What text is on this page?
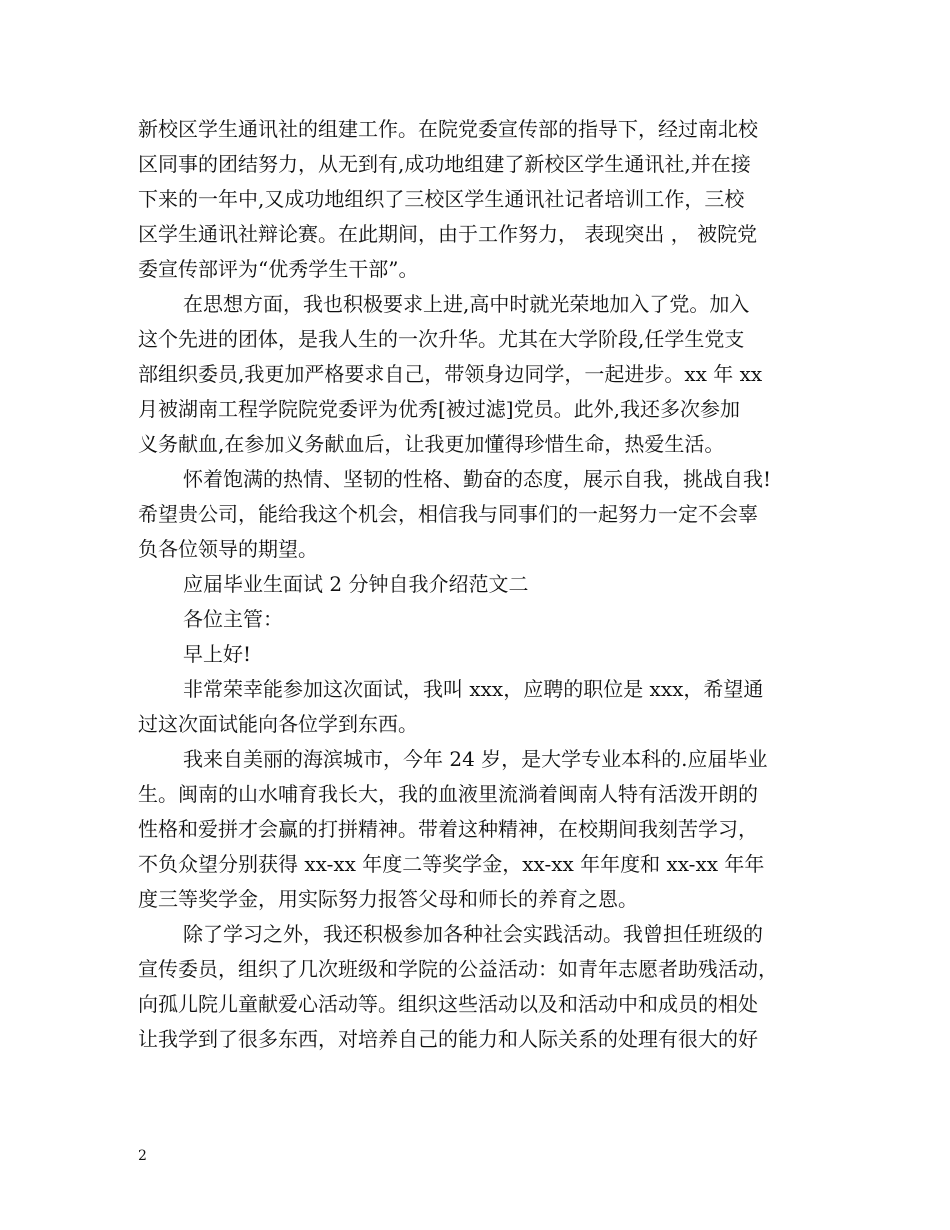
新校区学生通讯社的组建工作。在院党委宣传部的指导下，经过南北校
区同事的团结努力，从无到有,成功地组建了新校区学生通讯社,并在接
下来的一年中,又成功地组织了三校区学生通讯社记者培训工作，三校
区学生通讯社辩论赛。在此期间，由于工作努力， 表现突出 ， 被院党
委宣传部评为“优秀学生干部”。
在思想方面，我也积极要求上进,高中时就光荣地加入了党。加入
这个先进的团体，是我人生的一次升华。尤其在大学阶段,任学生党支
部组织委员,我更加严格要求自己，带领身边同学，一起进步。xx 年 xx
月被湖南工程学院院党委评为优秀[被过滤]党员。此外,我还多次参加
义务献血,在参加义务献血后，让我更加懂得珍惜生命，热爱生活。
怀着饱满的热情、坚韧的性格、勤奋的态度，展示自我，挑战自我!
希望贵公司，能给我这个机会，相信我与同事们的一起努力一定不会辜
负各位领导的期望。
应届毕业生面试 2 分钟自我介绍范文二
各位主管：
早上好!
非常荣幸能参加这次面试，我叫 xxx，应聘的职位是 xxx，希望通
过这次面试能向各位学到东西。
我来自美丽的海滨城市，今年 24 岁，是大学专业本科的.应届毕业
生。闽南的山水哺育我长大，我的血液里流淌着闽南人特有活泼开朗的
性格和爱拼才会赢的打拼精神。带着这种精神，在校期间我刻苦学习，
不负众望分别获得 xx-xx 年度二等奖学金，xx-xx 年年度和 xx-xx 年年
度三等奖学金，用实际努力报答父母和师长的养育之恩。
除了学习之外，我还积极参加各种社会实践活动。我曾担任班级的
宣传委员，组织了几次班级和学院的公益活动：如青年志愿者助残活动，
向孤儿院儿童献爱心活动等。组织这些活动以及和活动中和成员的相处
让我学到了很多东西，对培养自己的能力和人际关系的处理有很大的好
2
